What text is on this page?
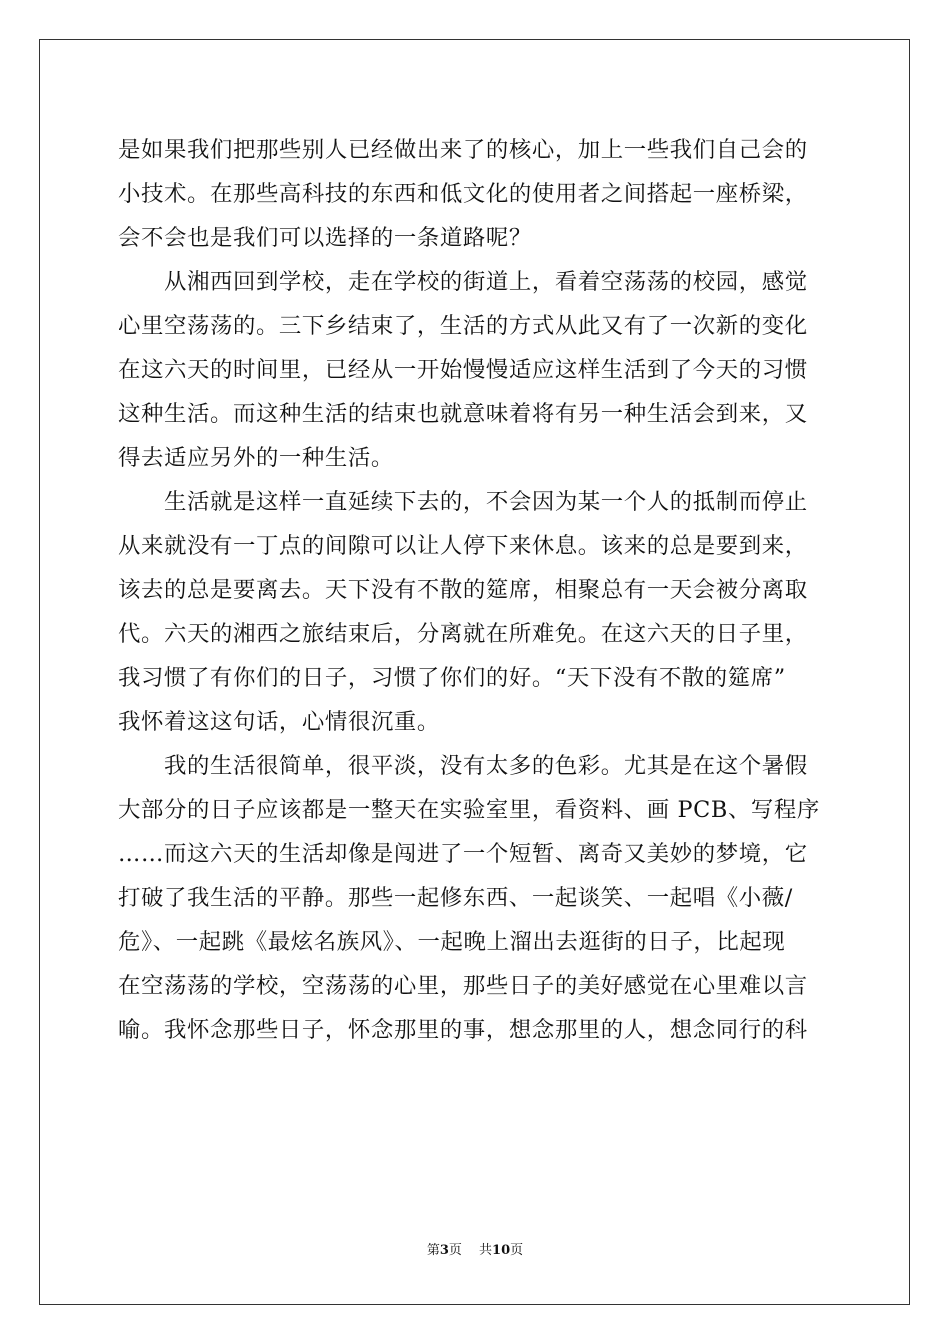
是如果我们把那些别人已经做出来了的核心，加上一些我们自己会的
小技术。在那些高科技的东西和低文化的使用者之间搭起一座桥梁，
会不会也是我们可以选择的一条道路呢？
　　从湘西回到学校，走在学校的街道上，看着空荡荡的校园，感觉
心里空荡荡的。三下乡结束了，生活的方式从此又有了一次新的变化
在这六天的时间里，已经从一开始慢慢适应这样生活到了今天的习惯
这种生活。而这种生活的结束也就意味着将有另一种生活会到来，又
得去适应另外的一种生活。
　　生活就是这样一直延续下去的，不会因为某一个人的抵制而停止
从来就没有一丁点的间隙可以让人停下来休息。该来的总是要到来，
该去的总是要离去。天下没有不散的筵席，相聚总有一天会被分离取
代。六天的湘西之旅结束后，分离就在所难免。在这六天的日子里，
我习惯了有你们的日子，习惯了你们的好。“天下没有不散的筵席”
我怀着这这句话，心情很沉重。
　　我的生活很简单，很平淡，没有太多的色彩。尤其是在这个暑假
大部分的日子应该都是一整天在实验室里，看资料、画 PCB、写程序
……而这六天的生活却像是闯进了一个短暂、离奇又美妙的梦境，它
打破了我生活的平静。那些一起修东西、一起谈笑、一起唱《小薇/
危》、一起跳《最炫名族风》、一起晚上溜出去逛街的日子，比起现
在空荡荡的学校，空荡荡的心里，那些日子的美好感觉在心里难以言
喻。我怀念那些日子，怀念那里的事，想念那里的人，想念同行的科
第3页　 共10页
